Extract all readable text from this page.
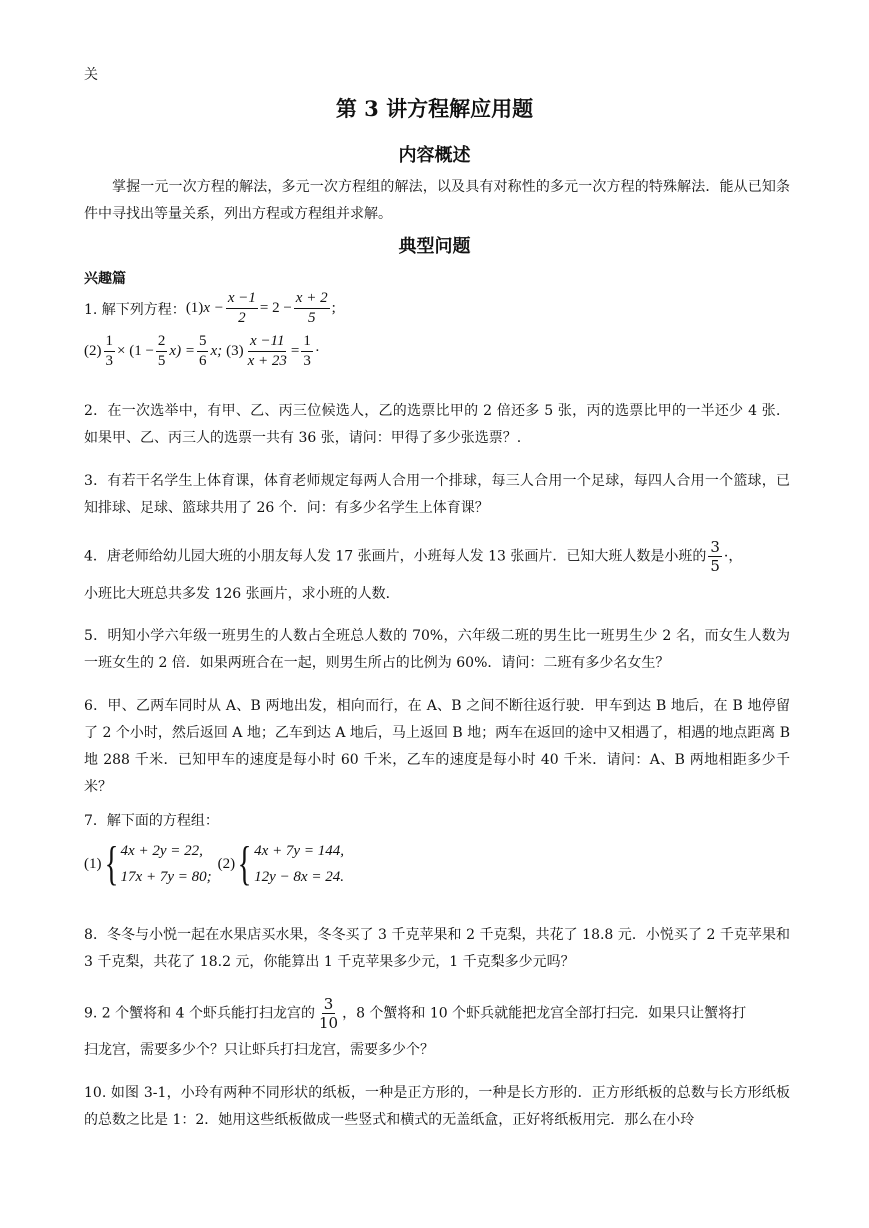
关
第 3 讲方程解应用题
内容概述
掌握一元一次方程的解法，多元一次方程组的解法，以及具有对称性的多元一次方程的特殊解法．能从已知条件中寻找出等量关系，列出方程或方程组并求解。
典型问题
兴趣篇
1. 解下列方程： (1) $x - \frac{x -1}{2} = 2 - \frac{x + 2}{5}$ ;
$(2) \frac{1}{3} \times (1 - \frac{2}{5} x) = \frac{5}{6} x$; $(3) \frac{x -11}{x + 23} = \frac{1}{3}$ ·
2．在一次选举中，有甲、乙、丙三位候选人，乙的选票比甲的 2 倍还多 5 张，丙的选票比甲的一半还少 4 张．如果甲、乙、丙三人的选票一共有 36 张，请问：甲得了多少张选票？.
3．有若干名学生上体育课，体育老师规定每两人合用一个排球，每三人合用一个足球，每四人合用一个篮球，已知排球、足球、篮球共用了 26 个．问：有多少名学生上体育课？
4．唐老师给幼儿园大班的小朋友每人发 17 张画片，小班每人发 13 张画片．已知大班人数是小班的 $\frac{3}{5}$ ·，
小班比大班总共多发 126 张画片，求小班的人数．
5．明知小学六年级一班男生的人数占全班总人数的 70%，六年级二班的男生比一班男生少 2 名，而女生人数为一班女生的 2 倍．如果两班合在一起，则男生所占的比例为 60%．请问：二班有多少名女生？
6．甲、乙两车同时从 A、B 两地出发，相向而行，在 A、B 之间不断往返行驶．甲车到达 B 地后，在 B 地停留了 2 个小时，然后返回 A 地；乙车到达 A 地后，马上返回 B 地；两车在返回的途中又相遇了，相遇的地点距离 B 地 288 千米．已知甲车的速度是每小时 60 千米，乙车的速度是每小时 40 千米．请问：A、B 两地相距多少千米？
7．解下面的方程组：
(1) { 4x + 2y = 22,
17x + 7y = 80;
(2) { 4x + 7y = 144,
12y − 8x = 24.
8．冬冬与小悦一起在水果店买水果，冬冬买了 3 千克苹果和 2 千克梨，共花了 18.8 元．小悦买了 2 千克苹果和 3 千克梨，共花了 18.2 元，你能算出 1 千克苹果多少元，1 千克梨多少元吗？
9. 2 个蟹将和 4 个虾兵能打扫龙宫的 $\frac{3}{10}$ ，8 个蟹将和 10 个虾兵就能把龙宫全部打扫完．如果只让蟹将打
扫龙宫，需要多少个？只让虾兵打扫龙宫，需要多少个？
10. 如图 3-1，小玲有两种不同形状的纸板，一种是正方形的，一种是长方形的．正方形纸板的总数与长方形纸板的总数之比是 1：2．她用这些纸板做成一些竖式和横式的无盖纸盒，正好将纸板用完．那么在小玲
